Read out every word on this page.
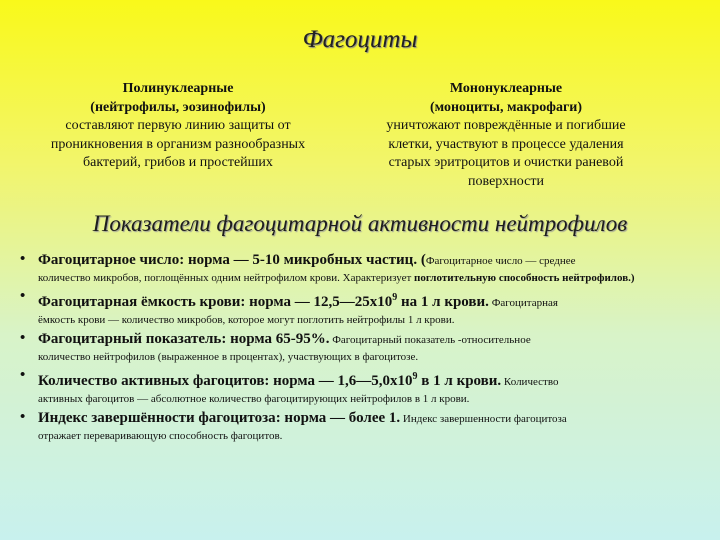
Фагоциты
Полинуклеарные
(нейтрофилы, эозинофилы)
составляют первую линию защиты от проникновения в организм разнообразных бактерий, грибов и простейших
Мононуклеарные
(моноциты, макрофаги)
уничтожают повреждённые и погибшие клетки, участвуют в процессе удаления старых эритроцитов и очистки раневой поверхности
Показатели фагоцитарной активности нейтрофилов
• Фагоцитарное число: норма — 5-10 микробных частиц. (Фагоцитарное число — среднее
количество микробов, поглощённых одним нейтрофилом крови. Характеризует поглотительную способность нейтрофилов.)
• Фагоцитарная ёмкость крови: норма — $12,5—25х10^9$ на 1 л крови. Фагоцитарная
ёмкость крови — количество микробов, которое могут поглотить нейтрофилы 1 л крови.
• Фагоцитарный показатель: норма 65-95%. Фагоцитарный показатель -относительное
количество нейтрофилов (выраженное в процентах), участвующих в фагоцитозе.
• Количество активных фагоцитов: норма — $1,6—5,0х10^9$ в 1 л крови. Количество
активных фагоцитов — абсолютное количество фагоцитирующих нейтрофилов в 1 л крови.
• Индекс завершённости фагоцитоза: норма — более 1. Индекс завершенности фагоцитоза
отражает переваривающую способность фагоцитов.
